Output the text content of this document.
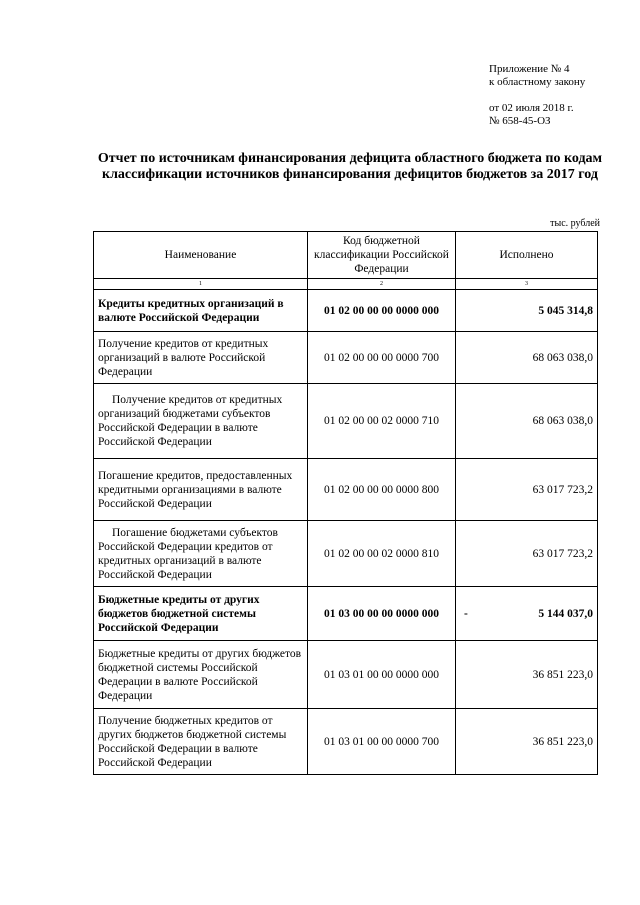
Приложение № 4
к областному закону
от 02 июля 2018 г.
№ 658-45-ОЗ
Отчет по источникам финансирования дефицита областного бюджета по кодам классификации источников финансирования дефицитов бюджетов за 2017 год
тыс. рублей
Наименование	Код бюджетной классификации Российской Федерации	Исполнено
1	2	3
Кредиты кредитных организаций в валюте Российской Федерации	01 02 00 00 00 0000 000	5 045 314,8
Получение кредитов от кредитных организаций в валюте Российской Федерации	01 02 00 00 00 0000 700	68 063 038,0
Получение кредитов от кредитных организаций бюджетами субъектов Российской Федерации в валюте Российской Федерации	01 02 00 00 02 0000 710	68 063 038,0
Погашение кредитов, предоставленных кредитными организациями в валюте Российской Федерации	01 02 00 00 00 0000 800	63 017 723,2
Погашение бюджетами субъектов Российской Федерации кредитов от кредитных организаций в валюте Российской Федерации	01 02 00 00 02 0000 810	63 017 723,2
Бюджетные кредиты от других бюджетов бюджетной системы Российской Федерации	01 03 00 00 00 0000 000	- 5 144 037,0
Бюджетные кредиты от других бюджетов бюджетной системы Российской Федерации в валюте Российской Федерации	01 03 01 00 00 0000 000	36 851 223,0
Получение бюджетных кредитов от других бюджетов бюджетной системы Российской Федерации в валюте Российской Федерации	01 03 01 00 00 0000 700	36 851 223,0
